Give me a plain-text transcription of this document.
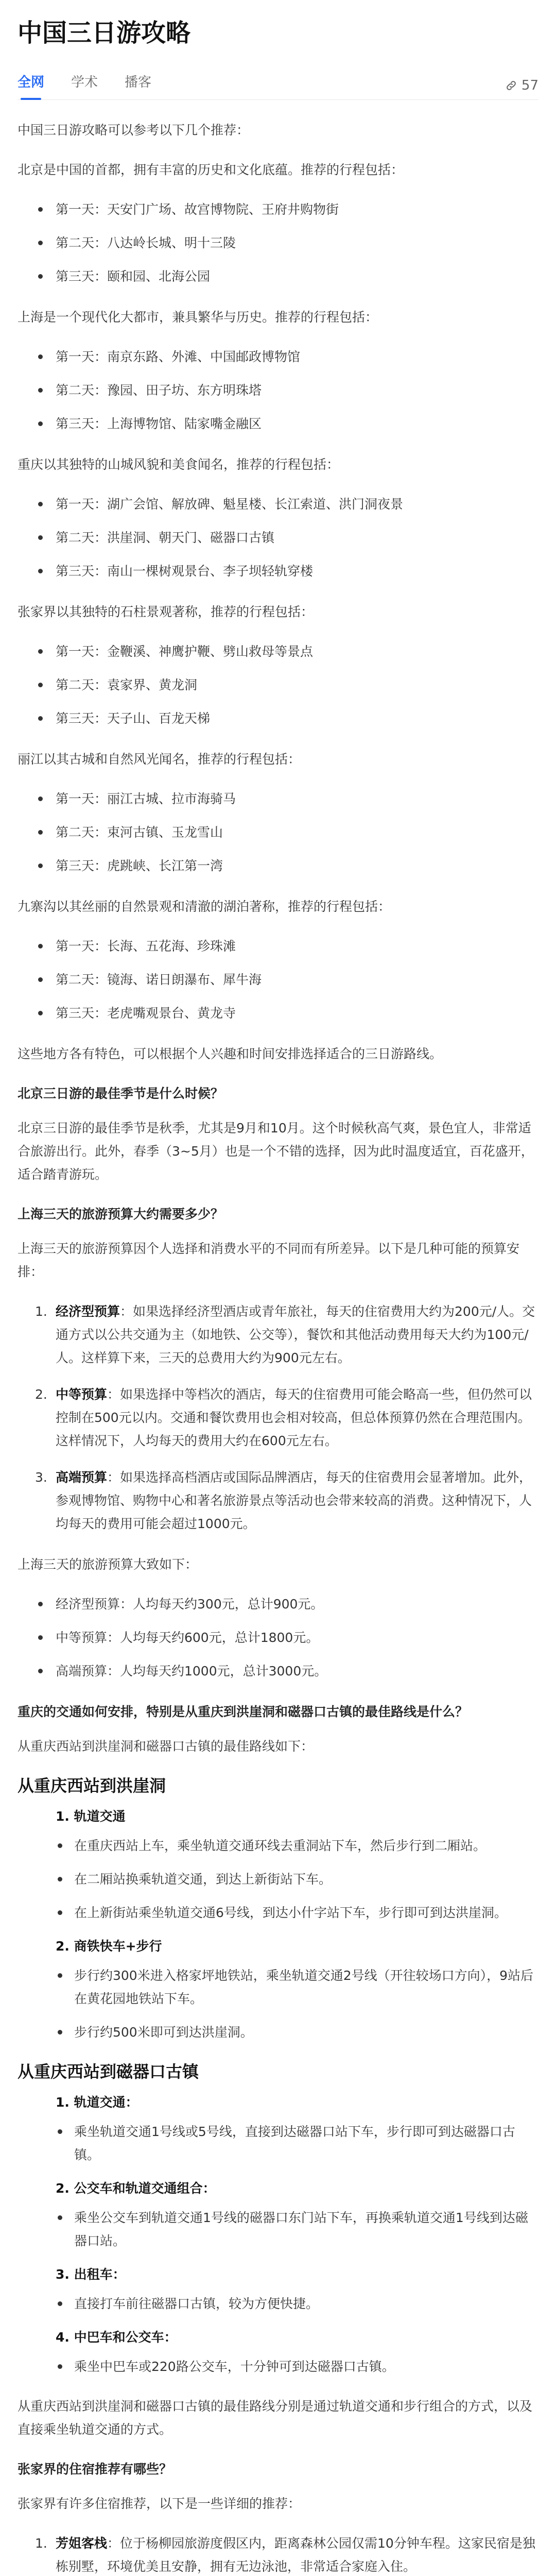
中国三日游攻略
全网 学术 播客	57

中国三日游攻略可以参考以下几个推荐：

北京是中国的首都，拥有丰富的历史和文化底蕴。推荐的行程包括：

第一天：天安门广场、故宫博物院、王府井购物街
第二天：八达岭长城、明十三陵
第三天：颐和园、北海公园

上海是一个现代化大都市，兼具繁华与历史。推荐的行程包括：

第一天：南京东路、外滩、中国邮政博物馆
第二天：豫园、田子坊、东方明珠塔
第三天：上海博物馆、陆家嘴金融区

重庆以其独特的山城风貌和美食闻名，推荐的行程包括：

第一天：湖广会馆、解放碑、魁星楼、长江索道、洪门洞夜景
第二天：洪崖洞、朝天门、磁器口古镇
第三天：南山一棵树观景台、李子坝轻轨穿楼

张家界以其独特的石柱景观著称，推荐的行程包括：

第一天：金鞭溪、神鹰护鞭、劈山救母等景点
第二天：袁家界、黄龙洞
第三天：天子山、百龙天梯

丽江以其古城和自然风光闻名，推荐的行程包括：

第一天：丽江古城、拉市海骑马
第二天：束河古镇、玉龙雪山
第三天：虎跳峡、长江第一湾

九寨沟以其丝丽的自然景观和清澈的湖泊著称，推荐的行程包括：

第一天：长海、五花海、珍珠滩
第二天：镜海、诺日朗瀑布、犀牛海
第三天：老虎嘴观景台、黄龙寺

这些地方各有特色，可以根据个人兴趣和时间安排选择适合的三日游路线。

北京三日游的最佳季节是什么时候？

北京三日游的最佳季节是秋季，尤其是9月和10月。这个时候秋高气爽，景色宜人，非常适合旅游出行。此外，春季（3~5月）也是一个不错的选择，因为此时温度适宜，百花盛开，适合踏青游玩。

上海三天的旅游预算大约需要多少？

上海三天的旅游预算因个人选择和消费水平的不同而有所差异。以下是几种可能的预算安排：

1. 经济型预算：如果选择经济型酒店或青年旅社，每天的住宿费用大约为200元/人。交通方式以公共交通为主（如地铁、公交等），餐饮和其他活动费用每天大约为100元/人。这样算下来，三天的总费用大约为900元左右。
2. 中等预算：如果选择中等档次的酒店，每天的住宿费用可能会略高一些，但仍然可以控制在500元以内。交通和餐饮费用也会相对较高，但总体预算仍然在合理范围内。这样情况下，人均每天的费用大约在600元左右。
3. 高端预算：如果选择高档酒店或国际品牌酒店，每天的住宿费用会显著增加。此外，参观博物馆、购物中心和著名旅游景点等活动也会带来较高的消费。这种情况下，人均每天的费用可能会超过1000元。

上海三天的旅游预算大致如下：

经济型预算：人均每天约300元，总计900元。
中等预算：人均每天约600元，总计1800元。
高端预算：人均每天约1000元，总计3000元。
重庆的交通如何安排，特别是从重庆到洪崖洞和磁器口古镇的最佳路线是什么？

从重庆西站到洪崖洞和磁器口古镇的最佳路线如下：

从重庆西站到洪崖洞
1. 轨道交通
在重庆西站上车，乘坐轨道交通环线去重洞站下车，然后步行到二厢站。
在二厢站换乘轨道交通，到达上新街站下车。
在上新街站乘坐轨道交通6号线，到达小什字站下车，步行即可到达洪崖洞。
2. 商铁快车+步行
步行约300米进入格家坪地铁站，乘坐轨道交通2号线（开往较场口方向），9站后在黄花园地铁站下车。
步行约500米即可到达洪崖洞。
从重庆西站到磁器口古镇
1. 轨道交通：
乘坐轨道交通1号线或5号线，直接到达磁器口站下车，步行即可到达磁器口古镇。
2. 公交车和轨道交通组合：
乘坐公交车到轨道交通1号线的磁器口东门站下车，再换乘轨道交通1号线到达磁器口站。
3. 出租车：
直接打车前往磁器口古镇，较为方便快捷。
4. 中巴车和公交车：
乘坐中巴车或220路公交车，十分钟可到达磁器口古镇。

从重庆西站到洪崖洞和磁器口古镇的最佳路线分别是通过轨道交通和步行组合的方式，以及直接乘坐轨道交通的方式。

张家界的住宿推荐有哪些？

张家界有许多住宿推荐，以下是一些详细的推荐：

1. 芳姐客栈：位于杨柳园旅游度假区内，距离森林公园仅需10分钟车程。这家民宿是独栋别墅，环境优美且安静，拥有无边泳池，非常适合家庭入住。
